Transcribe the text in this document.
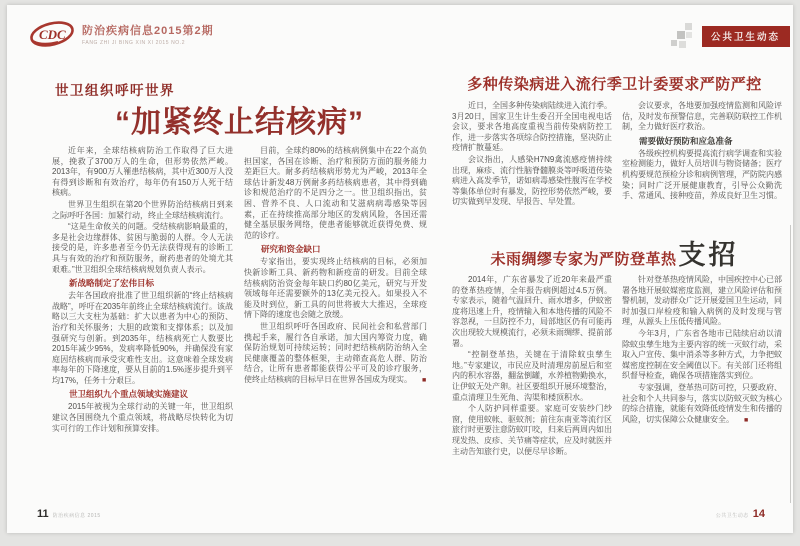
CDC 防治疾病信息2015第2期
FANG ZHI JI BING XIN XI 2015 NO.2
公共卫生动态
世卫组织呼吁世界
“加紧终止结核病”

近年来，全球结核病防治工作取得了巨大进展，挽救了3700万人的生命，但形势依然严峻。2013年，有900万人罹患结核病，其中近300万人没有得到诊断和有效治疗，每年仍有150万人死于结核病。

世界卫生组织在第20个世界防治结核病日到来之际呼吁各国：加紧行动，终止全球结核病流行。

“这是生命攸关的问题。受结核病影响最重的，多是社会边缘群体、贫困与脆弱的人群。令人无法接受的是，许多患者至今仍无法获得现有的诊断工具与有效的治疗和预防服务，耐药患者的处境尤其艰难。”世卫组织全球结核病规划负责人表示。

新战略制定了宏伟目标

去年各国政府批准了世卫组织新的“终止结核病战略”，呼吁在2035年前终止全球结核病流行。该战略以三大支柱为基础：扩大以患者为中心的预防、治疗和关怀服务；大胆的政策和支撑体系；以及加强研究与创新。到2035年，结核病死亡人数要比2015年减少95%，发病率降低90%，并确保没有家庭因结核病而承受灾难性支出。这意味着全球发病率每年的下降速度，要从目前的1.5%逐步提升到平均17%，任务十分艰巨。

世卫组织九个重点领域实施建议

2015年被视为全球行动的关键一年，世卫组织建议各国围绕九个重点领域，将战略尽快转化为切实可行的工作计划和预算安排。

目前，全球约80%的结核病例集中在22个高负担国家，各国在诊断、治疗和预防方面的服务能力差距巨大。耐多药结核病形势尤为严峻，2013年全球估计新发48万例耐多药结核病患者，其中得到确诊和规范治疗的不足四分之一。世卫组织指出，贫困、营养不良、人口流动和艾滋病病毒感染等因素，正在持续推高部分地区的发病风险，各国还需健全基层服务网络，使患者能够就近获得免费、规范的诊疗。

研究和资金缺口

专家指出，要实现终止结核病的目标，必须加快新诊断工具、新药物和新疫苗的研发。目前全球结核病防治资金每年缺口约80亿美元，研究与开发领域每年还需要额外的13亿美元投入。如果投入不能及时到位，新工具的问世将被大大推迟，全球疫情下降的速度也会随之放缓。

世卫组织呼吁各国政府、民间社会和私营部门携起手来，履行各自承诺，加大国内筹资力度，确保防治规划可持续运转；同时把结核病防治纳入全民健康覆盖的整体框架，主动筛查高危人群、防治结合，让所有患者都能获得公平可及的诊疗服务，使终止结核病的目标早日在世界各国成为现实。 ■

多种传染病进入流行季卫计委要求严防严控

近日，全国多种传染病陆续进入流行季。3月20日，国家卫生计生委召开全国电视电话会议，要求各地高度重视当前传染病防控工作，进一步落实各项综合防控措施，坚决防止疫情扩散蔓延。

会议指出，人感染H7N9禽流感疫情持续出现，麻疹、流行性脑脊髓膜炎等呼吸道传染病进入高发季节，诺如病毒感染性腹泻在学校等集体单位时有暴发，防控形势依然严峻，要切实做到早发现、早报告、早处置。

会议要求，各地要加强疫情监测和风险评估，及时发布预警信息，完善联防联控工作机制，全力做好医疗救治。

需要做好预防和应急准备

各级疾控机构要提高流行病学调查和实验室检测能力，做好人员培训与物资储备；医疗机构要规范预检分诊和病例管理，严防院内感染；同时广泛开展健康教育，引导公众勤洗手、常通风、接种疫苗，养成良好卫生习惯。

未雨绸缪专家为严防登革热 支招

2014年，广东省暴发了近20年来最严重的登革热疫情，全年报告病例超过4.5万例。专家表示，随着气温回升、雨水增多，伊蚊密度将迅速上升，疫情输入和本地传播的风险不容忽视，一旦防控不力，局部地区仍有可能再次出现较大规模流行，必须未雨绸缪、提前部署。

“控制登革热，关键在于清除蚊虫孳生地。”专家建议，市民应及时清理房前屋后和室内的积水容器，翻盆倒罐，水养植物勤换水，让伊蚊无处产卵。社区要组织开展环境整治，重点清理卫生死角、沟渠和楼顶积水。

个人防护同样重要。家庭可安装纱门纱窗，使用蚊帐、驱蚊剂；前往东南亚等流行区旅行时更要注意防蚊叮咬，归来后两周内如出现发热、皮疹、关节痛等症状，应及时就医并主动告知旅行史，以便尽早诊断。

针对登革热疫情风险，中国疾控中心已部署各地开展蚊媒密度监测，建立风险评估和预警机制，发动群众广泛开展爱国卫生运动，同时加强口岸检疫和输入病例的及时发现与管理，从源头上压低传播风险。

今年3月，广东省各地市已陆续启动以清除蚊虫孳生地为主要内容的统一灭蚊行动，采取入户宣传、集中消杀等多种方式，力争把蚊媒密度控制在安全阈值以下。有关部门还将组织督导检查，确保各项措施落实到位。

专家强调，登革热可防可控，只要政府、社会和个人共同参与，落实以防蚊灭蚊为核心的综合措施，就能有效降低疫情发生和传播的风险，切实保障公众健康安全。 ■

11 防治疾病信息 2015	公共卫生动态 14
